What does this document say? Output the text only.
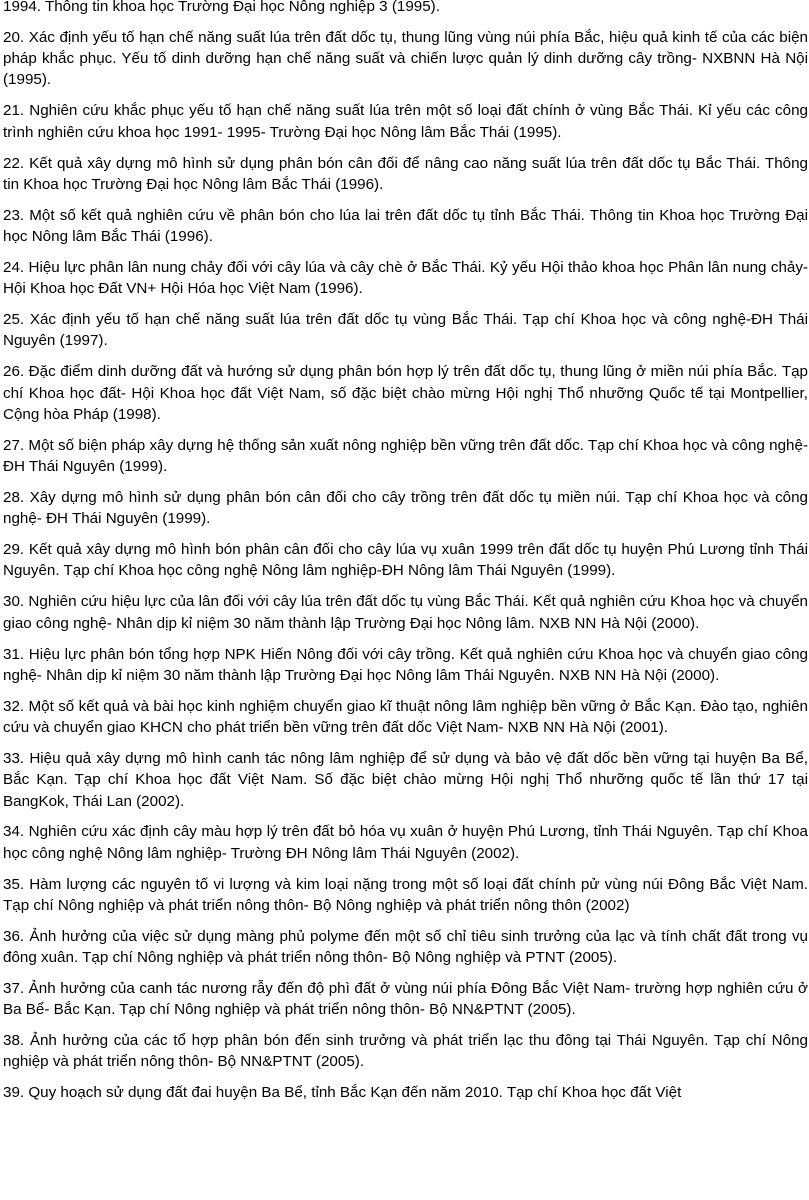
1994. Thông tin khoa học Trường Đại học Nông nghiệp 3 (1995).

20. Xác định yếu tố hạn chế năng suất lúa trên đất dốc tụ, thung lũng vùng núi phía Bắc, hiệu quả kinh tế của các biện pháp khắc phục. Yếu tố dinh dưỡng hạn chế năng suất và chiến lược quản lý dinh dưỡng cây trồng- NXBNN Hà Nội (1995).

21. Nghiên cứu khắc phục yếu tố hạn chế năng suất lúa trên một số loại đất chính ở vùng Bắc Thái. Kỉ yếu các công trình nghiên cứu khoa học 1991- 1995- Trường Đại học Nông lâm Bắc Thái (1995).

22. Kết quả xây dựng mô hình sử dụng phân bón cân đối để nâng cao năng suất lúa trên đất dốc tụ Bắc Thái. Thông tin Khoa học Trường Đại học Nông lâm Bắc Thái (1996).

23. Một số kết quả nghiên cứu về phân bón cho lúa lai trên đất dốc tụ tỉnh Bắc Thái. Thông tin Khoa học Trường Đại học Nông lâm Bắc Thái (1996).

24. Hiệu lực phân lân nung chảy đối với cây lúa và cây chè ở Bắc Thái. Kỷ yếu Hội thảo khoa học Phân lân nung chảy- Hội Khoa học Đất VN+ Hội Hóa học Việt Nam (1996).

25. Xác định yếu tố hạn chế năng suất lúa trên đất dốc tụ vùng Bắc Thái. Tạp chí Khoa học và công nghệ-ĐH Thái Nguyên (1997).

26. Đặc điểm dinh dưỡng đất và hướng sử dụng phân bón hợp lý trên đất dốc tụ, thung lũng ở miền núi phía Bắc. Tạp chí Khoa học đất- Hội Khoa học đất Việt Nam, số đặc biệt chào mừng Hội nghị Thổ nhưỡng Quốc tế tại Montpellier, Cộng hòa Pháp (1998).

27. Một số biện pháp xây dựng hệ thống sản xuất nông nghiệp bền vững trên đất dốc. Tạp chí Khoa học và công nghệ- ĐH Thái Nguyên (1999).

28. Xây dựng mô hình sử dụng phân bón cân đối cho cây trồng trên đất dốc tụ miền núi. Tạp chí Khoa học và công nghệ- ĐH Thái Nguyên (1999).

29. Kết quả xây dựng mô hình bón phân cân đối cho cây lúa vụ xuân 1999 trên đất dốc tụ huyện Phú Lương tỉnh Thái Nguyên. Tạp chí Khoa học công nghệ Nông lâm nghiệp-ĐH Nông lâm Thái Nguyên (1999).

30. Nghiên cứu hiệu lực của lân đối với cây lúa trên đất dốc tụ vùng Bắc Thái. Kết quả nghiên cứu Khoa học và chuyển giao công nghệ- Nhân dịp kỉ niệm 30 năm thành lập Trường Đại học Nông lâm. NXB NN Hà Nội (2000).

31. Hiệu lực phân bón tổng hợp NPK Hiến Nông đối với cây trồng. Kết quả nghiên cứu Khoa học và chuyển giao công nghệ- Nhân dịp kỉ niệm 30 năm thành lập Trường Đại học Nông lâm Thái Nguyên. NXB NN Hà Nội (2000).

32. Một số kết quả và bài học kinh nghiệm chuyển giao kĩ thuật nông lâm nghiệp bền vững ở Bắc Kạn. Đào tạo, nghiên cứu và chuyển giao KHCN cho phát triển bền vững trên đất dốc Việt Nam- NXB NN Hà Nội (2001).

33. Hiệu quả xây dựng mô hình canh tác nông lâm nghiệp để sử dụng và bảo vệ đất dốc bền vững tại huyện Ba Bể, Bắc Kạn. Tạp chí Khoa học đất Việt Nam. Số đặc biệt chào mừng Hội nghị Thổ nhưỡng quốc tế lần thứ 17 tại BangKok, Thái Lan (2002).

34. Nghiên cứu xác định cây màu hợp lý trên đất bỏ hóa vụ xuân ở huyện Phú Lương, tỉnh Thái Nguyên. Tạp chí Khoa học công nghệ Nông lâm nghiệp- Trường ĐH Nông lâm Thái Nguyên (2002).

35. Hàm lượng các nguyên tố vi lượng và kim loại nặng trong một số loại đất chính pử vùng núi Đông Bắc Việt Nam. Tạp chí Nông nghiệp và phát triển nông thôn- Bộ Nông nghiệp và phát triển nông thôn (2002)

36. Ảnh hưởng của việc sử dụng màng phủ polyme đến một số chỉ tiêu sinh trưởng của lạc và tính chất đất trong vụ đông xuân. Tạp chí Nông nghiệp và phát triển nông thôn- Bộ Nông nghiệp và PTNT (2005).

37. Ảnh hưởng của canh tác nương rẫy đến độ phì đất ở vùng núi phía Đông Bắc Việt Nam- trường hợp nghiên cứu ở Ba Bể- Bắc Kạn. Tạp chí Nông nghiệp và phát triển nông thôn- Bộ NN&PTNT (2005).

38. Ảnh hưởng của các tổ hợp phân bón đến sinh trưởng và phát triển lạc thu đông tại Thái Nguyên. Tạp chí Nông nghiệp và phát triển nông thôn- Bộ NN&PTNT (2005).

39. Quy hoạch sử dụng đất đai huyện Ba Bể, tỉnh Bắc Kạn đến năm 2010. Tạp chí Khoa học đất Việt
